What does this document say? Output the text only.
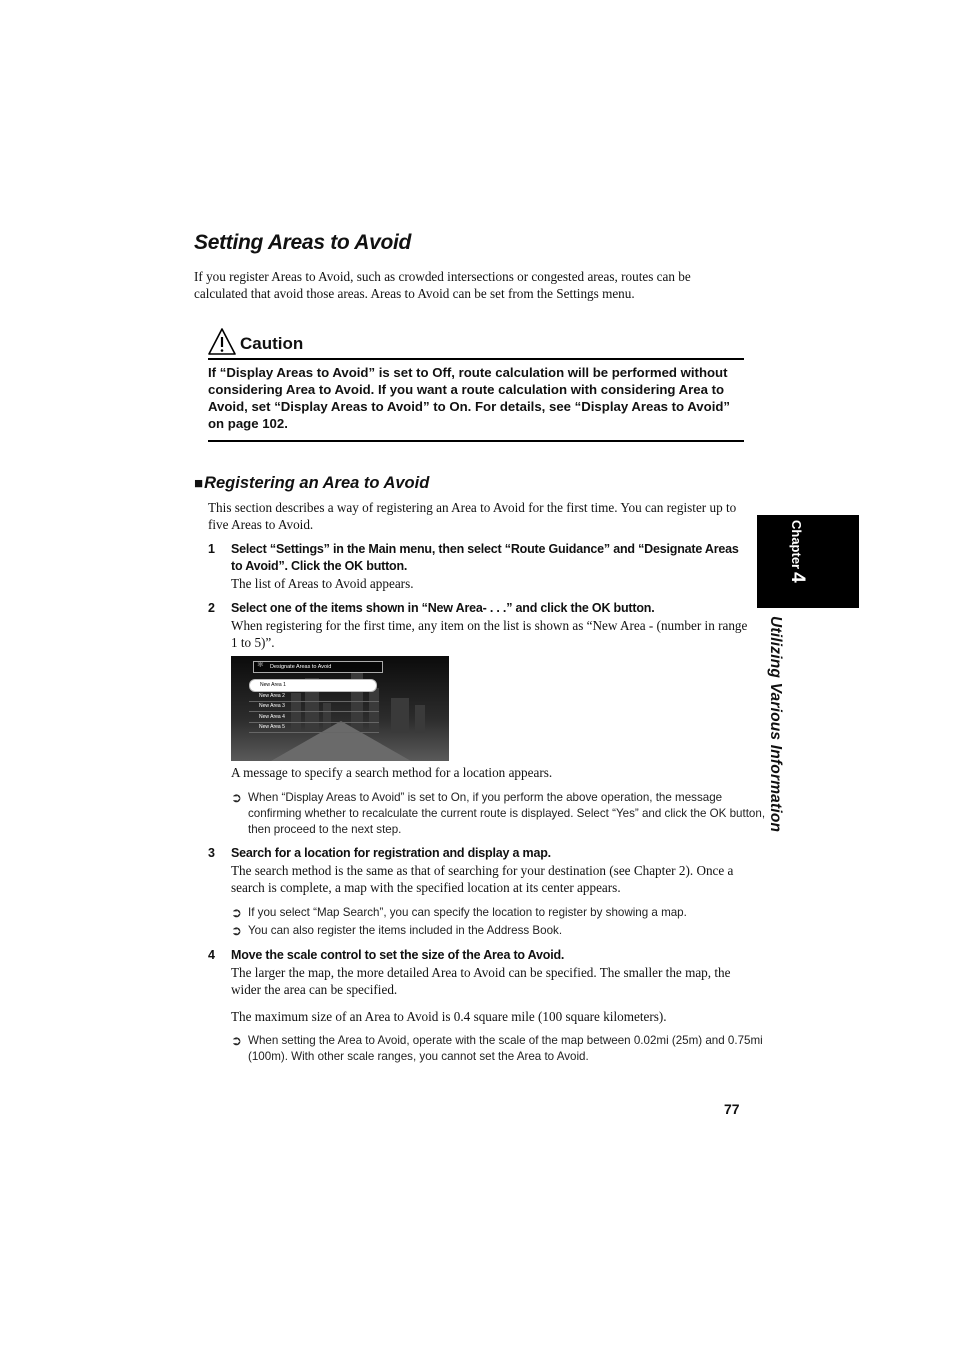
Setting Areas to Avoid

If you register Areas to Avoid, such as crowded intersections or congested areas, routes can be calculated that avoid those areas. Areas to Avoid can be set from the Settings menu.

Caution

If “Display Areas to Avoid” is set to Off, route calculation will be performed without considering Area to Avoid. If you want a route calculation with considering Area to Avoid, set “Display Areas to Avoid” to On. For details, see “Display Areas to Avoid” on page 102.

■Registering an Area to Avoid

This section describes a way of registering an Area to Avoid for the first time. You can register up to five Areas to Avoid.

1 Select “Settings” in the Main menu, then select “Route Guidance” and “Designate Areas to Avoid”. Click the OK button.

The list of Areas to Avoid appears.

2 Select one of the items shown in “New Area- . . .” and click the OK button.

When registering for the first time, any item on the list is shown as “New Area - (number in range 1 to 5)”.

Designate Areas to Avoid
New Area 1
New Area 2
New Area 3
New Area 4
New Area 5

A message to specify a search method for a location appears.

➲ When “Display Areas to Avoid” is set to On, if you perform the above operation, the message confirming whether to recalculate the current route is displayed. Select “Yes” and click the OK button, then proceed to the next step.
3 Search for a location for registration and display a map.

The search method is the same as that of searching for your destination (see Chapter 2). Once a search is complete, a map with the specified location at its center appears.

➲ If you select “Map Search”, you can specify the location to register by showing a map.
➲ You can also register the items included in the Address Book.
4 Move the scale control to set the size of the Area to Avoid.

The larger the map, the more detailed Area to Avoid can be specified. The smaller the map, the wider the area can be specified.

The maximum size of an Area to Avoid is 0.4 square mile (100 square kilometers).

➲ When setting the Area to Avoid, operate with the scale of the map between 0.02mi (25m) and 0.75mi (100m). With other scale ranges, you cannot set the Area to Avoid.
Chapter4
Utilizing Various Information
77
